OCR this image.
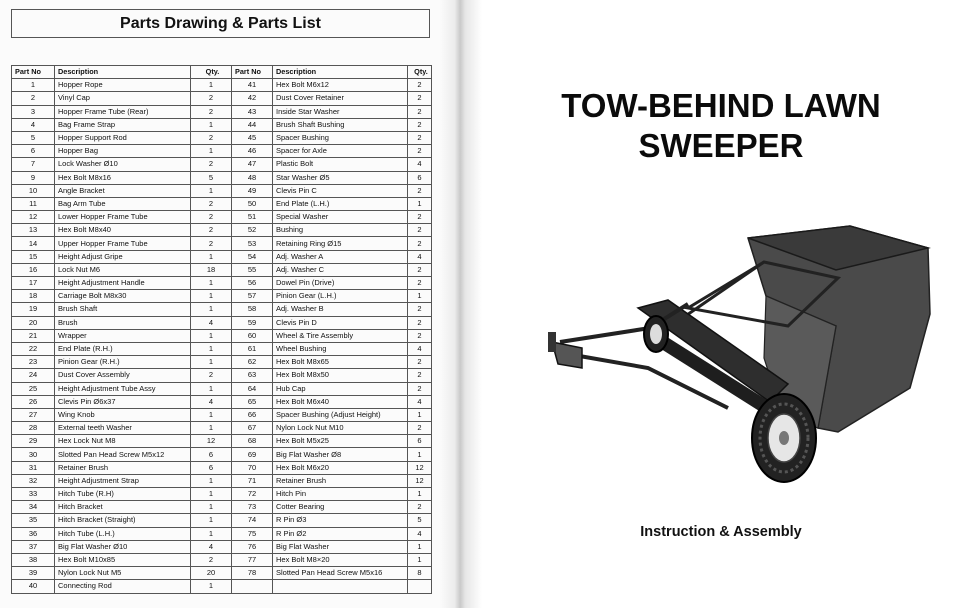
Parts Drawing & Parts List
Part No	Description	Qty.	Part No	Description	Qty.
1	Hopper Rope	1	41	Hex Bolt M6x12	2
2	Vinyl Cap	2	42	Dust Cover Retainer	2
3	Hopper Frame Tube (Rear)	2	43	Inside Star Washer	2
4	Bag Frame Strap	1	44	Brush Shaft Bushing	2
5	Hopper Support Rod	2	45	Spacer Bushing	2
6	Hopper Bag	1	46	Spacer for Axle	2
7	Lock Washer Ø10	2	47	Plastic Bolt	4
9	Hex Bolt M8x16	5	48	Star Washer Ø5	6
10	Angle Bracket	1	49	Clevis Pin C	2
11	Bag Arm Tube	2	50	End Plate (L.H.)	1
12	Lower Hopper Frame Tube	2	51	Special Washer	2
13	Hex Bolt M8x40	2	52	Bushing	2
14	Upper Hopper Frame Tube	2	53	Retaining Ring Ø15	2
15	Height Adjust Gripe	1	54	Adj. Washer A	4
16	Lock Nut M6	18	55	Adj. Washer C	2
17	Height Adjustment Handle	1	56	Dowel Pin (Drive)	2
18	Carriage Bolt M8x30	1	57	Pinion Gear (L.H.)	1
19	Brush Shaft	1	58	Adj. Washer B	2
20	Brush	4	59	Clevis Pin D	2
21	Wrapper	1	60	Wheel & Tire Assembly	2
22	End Plate (R.H.)	1	61	Wheel Bushing	4
23	Pinion Gear (R.H.)	1	62	Hex Bolt M8x65	2
24	Dust Cover Assembly	2	63	Hex Bolt M8x50	2
25	Height Adjustment Tube Assy	1	64	Hub Cap	2
26	Clevis Pin Ø6x37	4	65	Hex Bolt M6x40	4
27	Wing Knob	1	66	Spacer Bushing (Adjust Height)	1
28	External teeth Washer	1	67	Nylon Lock Nut M10	2
29	Hex Lock Nut M8	12	68	Hex Bolt M5x25	6
30	Slotted Pan Head Screw M5x12	6	69	Big Flat Washer Ø8	1
31	Retainer Brush	6	70	Hex Bolt M6x20	12
32	Height Adjustment Strap	1	71	Retainer Brush	12
33	Hitch Tube (R.H)	1	72	Hitch Pin	1
34	Hitch Bracket	1	73	Cotter Bearing	2
35	Hitch Bracket (Straight)	1	74	R Pin Ø3	5
36	Hitch Tube (L.H.)	1	75	R Pin Ø2	4
37	Big Flat Washer Ø10	4	76	Big Flat Washer	1
38	Hex Bolt M10x85	2	77	Hex Bolt M8×20	1
39	Nylon Lock Nut M5	20	78	Slotted Pan Head Screw M5x16	8
40	Connecting Rod	1			
TOW-BEHIND LAWN
SWEEPER
Instruction & Assembly
